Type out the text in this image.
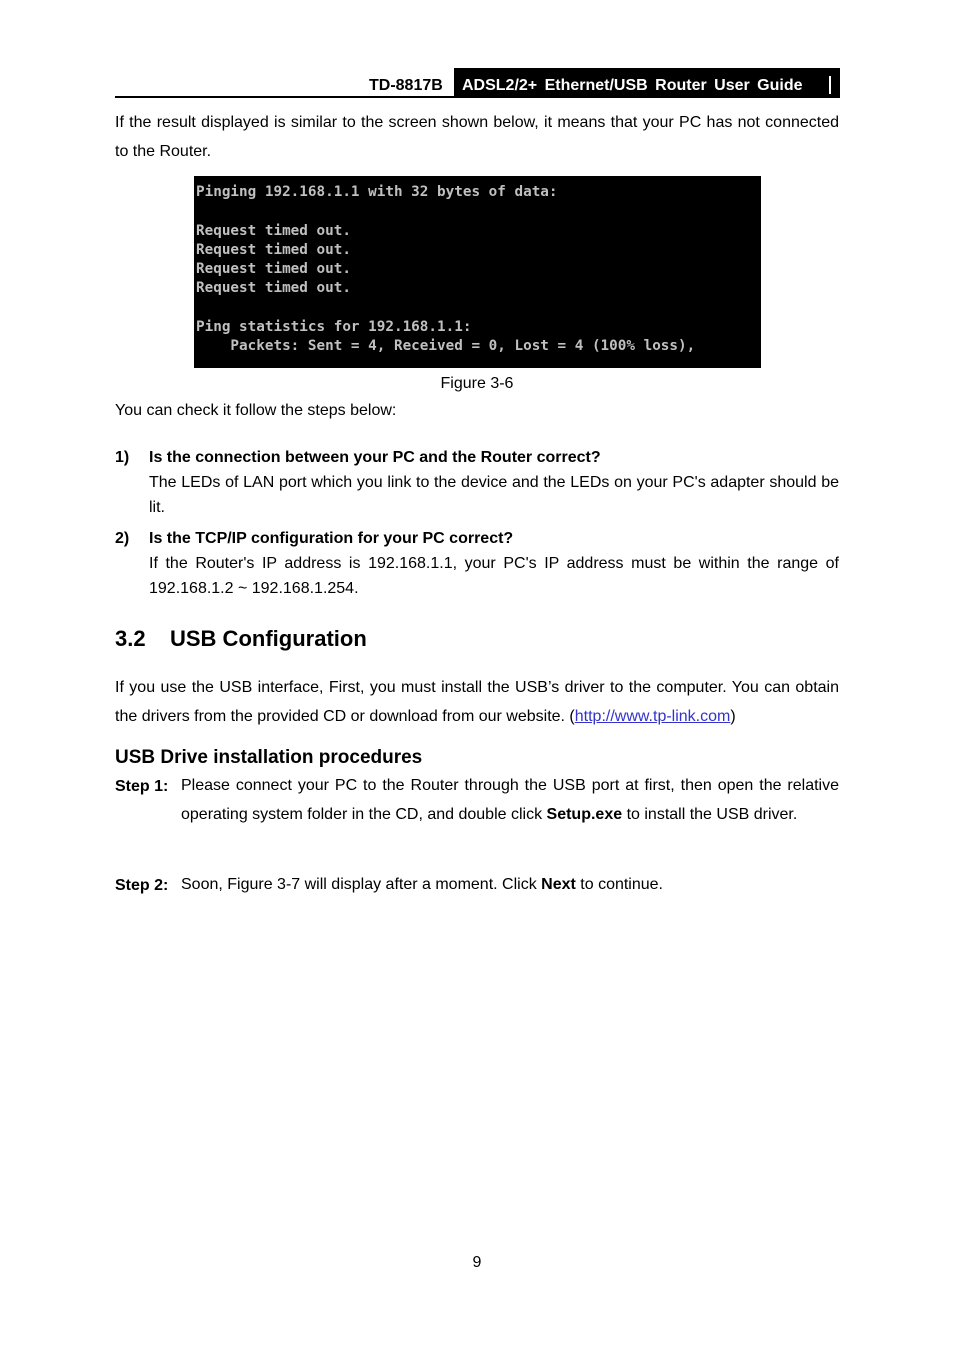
TD-8817B ADSL2/2+ Ethernet/USB Router User Guide
If the result displayed is similar to the screen shown below, it means that your PC has not connected to the Router.
Pinging 192.168.1.1 with 32 bytes of data:

Request timed out.
Request timed out.
Request timed out.
Request timed out.

Ping statistics for 192.168.1.1:
Packets: Sent = 4, Received = 0, Lost = 4 (100% loss),
Figure 3-6
You can check it follow the steps below:
1) Is the connection between your PC and the Router correct?
The LEDs of LAN port which you link to the device and the LEDs on your PC's adapter should be lit.
2) Is the TCP/IP configuration for your PC correct?
If the Router's IP address is 192.168.1.1, your PC's IP address must be within the range of 192.168.1.2 ~ 192.168.1.254.
3.2 USB Configuration
If you use the USB interface, First, you must install the USB’s driver to the computer. You can obtain the drivers from the provided CD or download from our website. (http://www.tp-link.com)
USB Drive installation procedures
Step 1: Please connect your PC to the Router through the USB port at first, then open the relative operating system folder in the CD, and double click Setup.exe to install the USB driver.
Step 2: Soon, Figure 3-7 will display after a moment. Click Next to continue.
9
